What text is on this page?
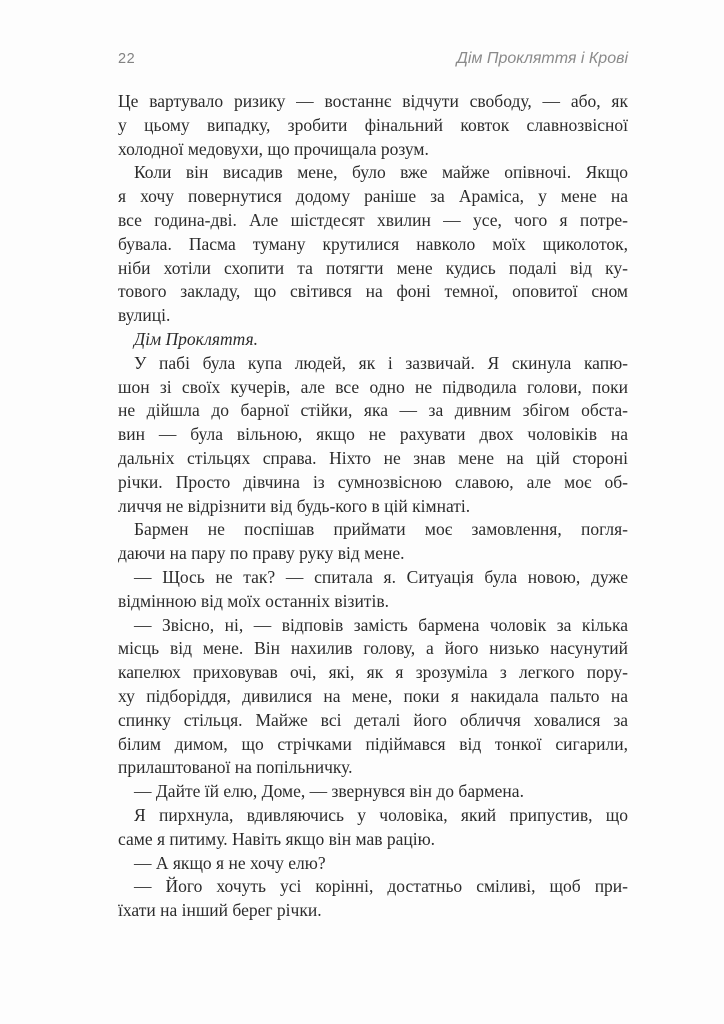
22	Дім Прокляття і Крові

Це вартувало ризику — востаннє відчути свободу, — або, як
у цьому випадку, зробити фінальний ковток славнозвісної
холодної медовухи, що прочищала розум.

Коли він висадив мене, було вже майже опівночі. Якщо
я хочу повернутися додому раніше за Араміса, у мене на
все година-дві. Але шістдесят хвилин — усе, чого я потре-
бувала. Пасма туману крутилися навколо моїх щиколоток,
ніби хотіли схопити та потягти мене кудись подалі від ку-
тового закладу, що світився на фоні темної, оповитої сном
вулиці.

Дім Прокляття.

У пабі була купа людей, як і зазвичай. Я скинула капю-
шон зі своїх кучерів, але все одно не підводила голови, поки
не дійшла до барної стійки, яка — за дивним збігом обста-
вин — була вільною, якщо не рахувати двох чоловіків на
дальніх стільцях справа. Ніхто не знав мене на цій стороні
річки. Просто дівчина із сумнозвісною славою, але моє об-
личчя не відрізнити від будь-кого в цій кімнаті.

Бармен не поспішав приймати моє замовлення, погля-
даючи на пару по праву руку від мене.

— Щось не так? — спитала я. Ситуація була новою, дуже
відмінною від моїх останніх візитів.

— Звісно, ні, — відповів замість бармена чоловік за кілька
місць від мене. Він нахилив голову, а його низько насунутий
капелюх приховував очі, які, як я зрозуміла з легкого пору-
ху підборіддя, дивилися на мене, поки я накидала пальто на
спинку стільця. Майже всі деталі його обличчя ховалися за
білим димом, що стрічками підіймався від тонкої сигарили,
прилаштованої на попільничку.

— Дайте їй елю, Доме, — звернувся він до бармена.

Я пирхнула, вдивляючись у чоловіка, який припустив, що
саме я питиму. Навіть якщо він мав рацію.

— А якщо я не хочу елю?

— Його хочуть усі корінні, достатньо сміливі, щоб при-
їхати на інший берег річки.
